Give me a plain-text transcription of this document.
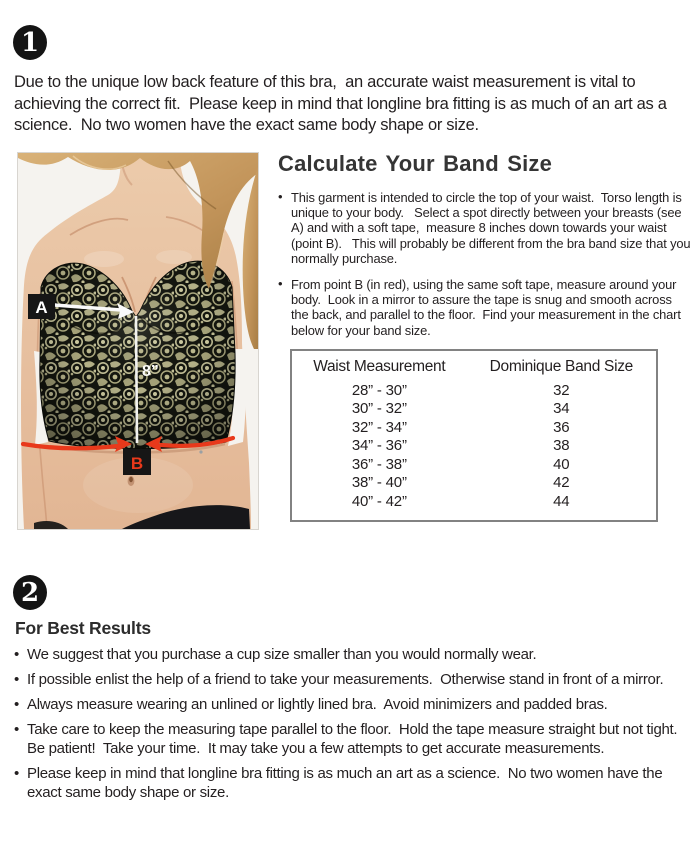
1

Due to the unique low back feature of this bra,  an accurate waist measurement is vital to achieving the correct fit.  Please keep in mind that longline bra fitting is as much of an art as a science.  No two women have the exact same body shape or size.

8”
A
B
Calculate Your Band Size
• This garment is intended to circle the top of your waist.  Torso length is unique to your body.   Select a spot directly between your breasts (see A) and with a soft tape,  measure 8 inches down towards your waist (point B).   This will probably be different from the bra band size that you normally purchase.
• From point B (in red), using the same soft tape, measure around your body.  Look in a mirror to assure the tape is snug and smooth across the back, and parallel to the floor.  Find your measurement in the chart below for your band size.
Waist Measurement	Dominique Band Size
28” - 30”	32
30” - 32”	34
32” - 34”	36
34” - 36”	38
36” - 38”	40
38” - 40”	42
40” - 42”	44
2
For Best Results
• We suggest that you purchase a cup size smaller than you would normally wear.
• If possible enlist the help of a friend to take your measurements.  Otherwise stand in front of a mirror.
• Always measure wearing an unlined or lightly lined bra.  Avoid minimizers and padded bras.
• Take care to keep the measuring tape parallel to the floor.  Hold the tape measure straight but not tight. Be patient!  Take your time.  It may take you a few attempts to get accurate measurements.
• Please keep in mind that longline bra fitting is as much an art as a science.  No two women have the exact same body shape or size.
